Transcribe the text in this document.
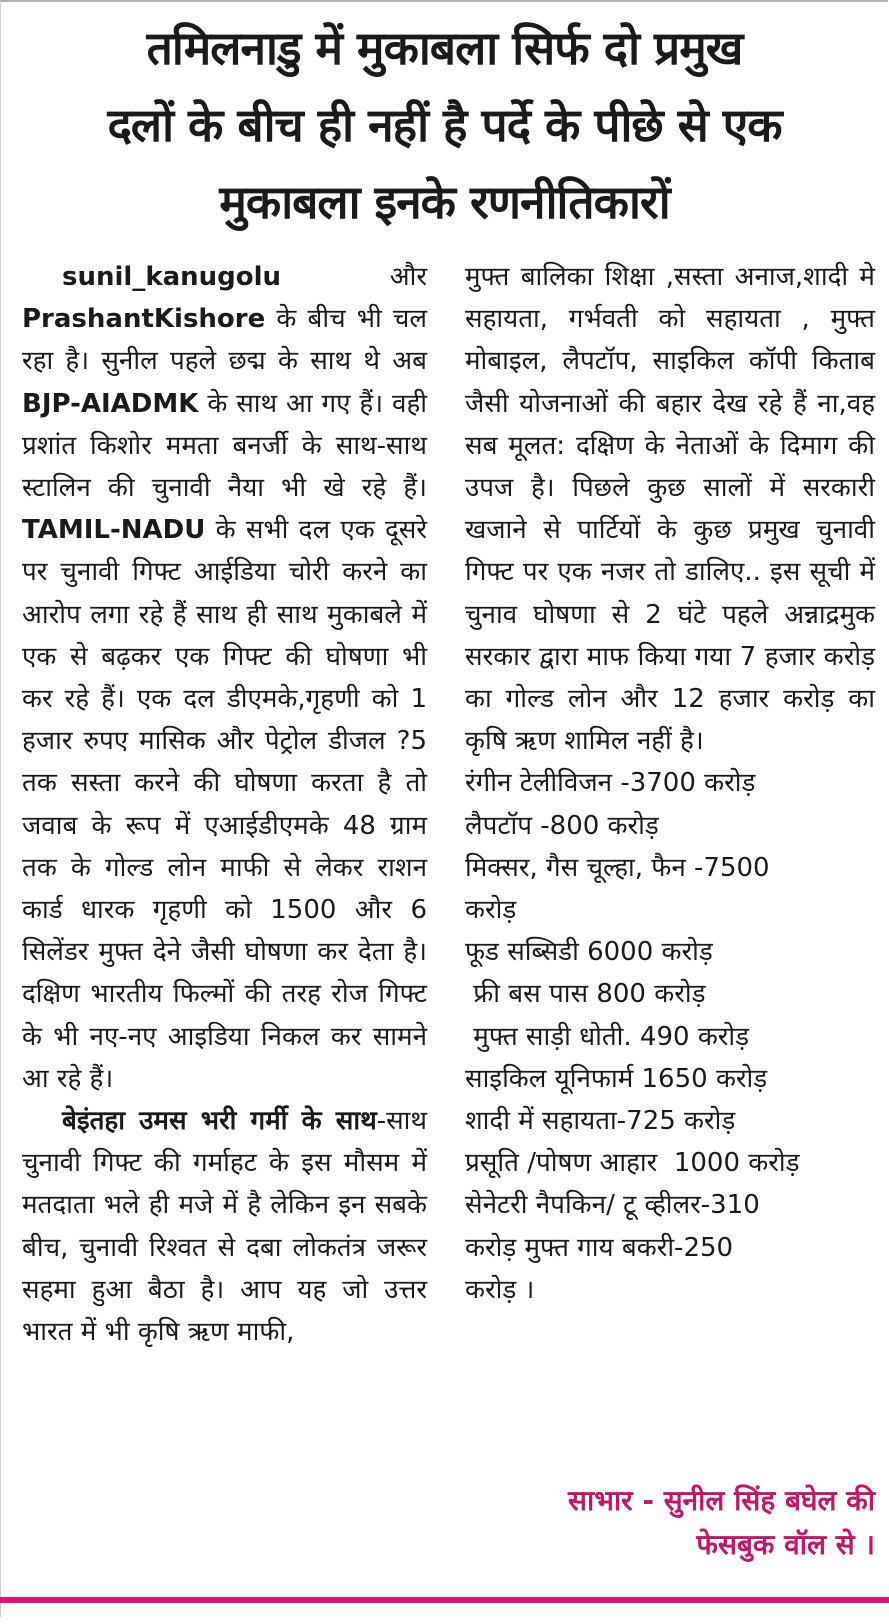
तमिलनाडु में मुकाबला सिर्फ दो प्रमुख
दलों के बीच ही नहीं है पर्दे के पीछे से एक
मुकाबला इनके रणनीतिकारों

sunil_kanugolu और PrashantKishore के बीच भी चल रहा है। सुनील पहले छद्म के साथ थे अब BJP-AIADMK के साथ आ गए हैं। वही प्रशांत किशोर ममता बनर्जी के साथ-साथ स्टालिन की चुनावी नैया भी खे रहे हैं। TAMIL-NADU के सभी दल एक दूसरे पर चुनावी गिफ्ट आईडिया चोरी करने का आरोप लगा रहे हैं साथ ही साथ मुकाबले में एक से बढ़कर एक गिफ्ट की घोषणा भी कर रहे हैं। एक दल डीएमके,गृहणी को 1 हजार रुपए मासिक और पेट्रोल डीजल ?5 तक सस्ता करने की घोषणा करता है तो जवाब के रूप में एआईडीएमके 48 ग्राम तक के गोल्ड लोन माफी से लेकर राशन कार्ड धारक गृहणी को 1500 और 6 सिलेंडर मुफ्त देने जैसी घोषणा कर देता है। दक्षिण भारतीय फिल्मों की तरह रोज गिफ्ट के भी नए-नए आइडिया निकल कर सामने आ रहे हैं।

बेइंतहा उमस भरी गर्मी के साथ-साथ चुनावी गिफ्ट की गर्माहट के इस मौसम में मतदाता भले ही मजे में है लेकिन इन सबके बीच, चुनावी रिश्वत से दबा लोकतंत्र जरूर सहमा हुआ बैठा है। आप यह जो उत्तर भारत में भी कृषि ऋण माफी,

मुफ्त बालिका शिक्षा ,सस्ता अनाज,शादी मे सहायता, गर्भवती को सहायता , मुफ्त मोबाइल, लैपटॉप, साइकिल कॉपी किताब जैसी योजनाओं की बहार देख रहे हैं ना,वह सब मूलत: दक्षिण के नेताओं के दिमाग की उपज है। पिछले कुछ सालों में सरकारी खजाने से पार्टियों के कुछ प्रमुख चुनावी गिफ्ट पर एक नजर तो डालिए.. इस सूची में चुनाव घोषणा से 2 घंटे पहले अन्नाद्रमुक सरकार द्वारा माफ किया गया 7 हजार करोड़ का गोल्ड लोन और 12 हजार करोड़ का कृषि ऋण शामिल नहीं है।

रंगीन टेलीविजन -3700 करोड़
लैपटॉप -800 करोड़
मिक्सर, गैस चूल्हा, फैन -7500
करोड़
फूड सब्सिडी 6000 करोड़
फ्री बस पास 800 करोड़
मुफ्त साड़ी धोती. 490 करोड़
साइकिल यूनिफार्म 1650 करोड़
शादी में सहायता-725 करोड़
प्रसूति /पोषण आहार  1000 करोड़
सेनेटरी नैपकिन/ टू व्हीलर-310
करोड़ मुफ्त गाय बकरी-250
करोड़ ।
साभार - सुनील सिंह बघेल की
फेसबुक वॉल से ।
